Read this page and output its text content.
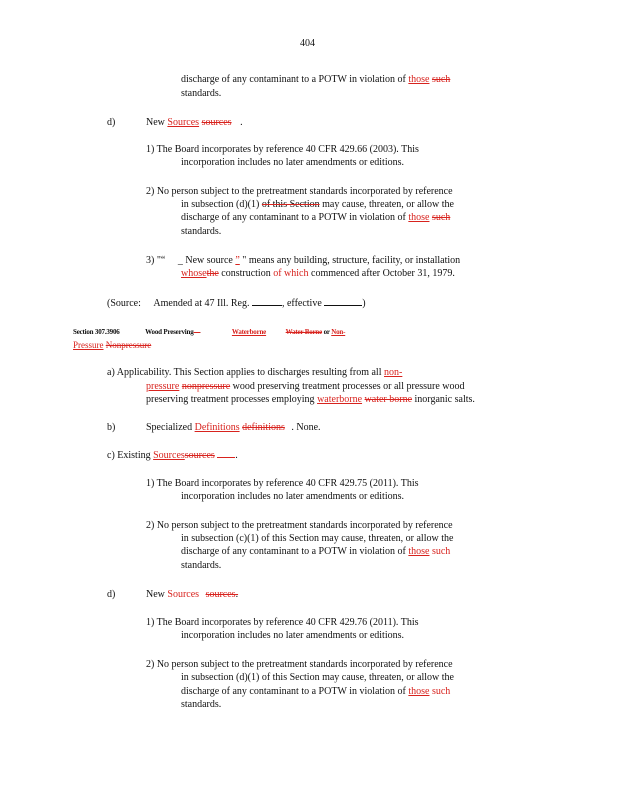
404
discharge of any contaminant to a POTW in violation of those such
standards.
d)	New Sources sources .
1) The Board incorporates by reference 40 CFR 429.66 (2003). This
incorporation includes no later amendments or editions.
2) No person subject to the pretreatment standards incorporated by reference
in subsection (d)(1) of this Section may cause, threaten, or allow the
discharge of any contaminant to a POTW in violation of those such
standards.
3) "“ _ New source ” " means any building, structure, facility, or installation
whosethe construction of which commenced after October 31, 1979.
(Source: Amended at 47 Ill. Reg.	, effective	)
Section 307.3906	Wood Preserving—	Waterborne	Water Borne or Non-
Pressure Nonpressure
a) Applicability. This Section applies to discharges resulting from all non-
pressure nonpressure wood preserving treatment processes or all pressure wood
preserving treatment processes employing waterborne water borne inorganic salts.
b)	Specialized Definitions definitions . None.
c) Existing Sourcessources .
1) The Board incorporates by reference 40 CFR 429.75 (2011). This
incorporation includes no later amendments or editions.
2) No person subject to the pretreatment standards incorporated by reference
in subsection (c)(1) of this Section may cause, threaten, or allow the
discharge of any contaminant to a POTW in violation of those such
standards.
d)	New Sources sources.
1) The Board incorporates by reference 40 CFR 429.76 (2011). This
incorporation includes no later amendments or editions.
2) No person subject to the pretreatment standards incorporated by reference
in subsection (d)(1) of this Section may cause, threaten, or allow the
discharge of any contaminant to a POTW in violation of those such
standards.
